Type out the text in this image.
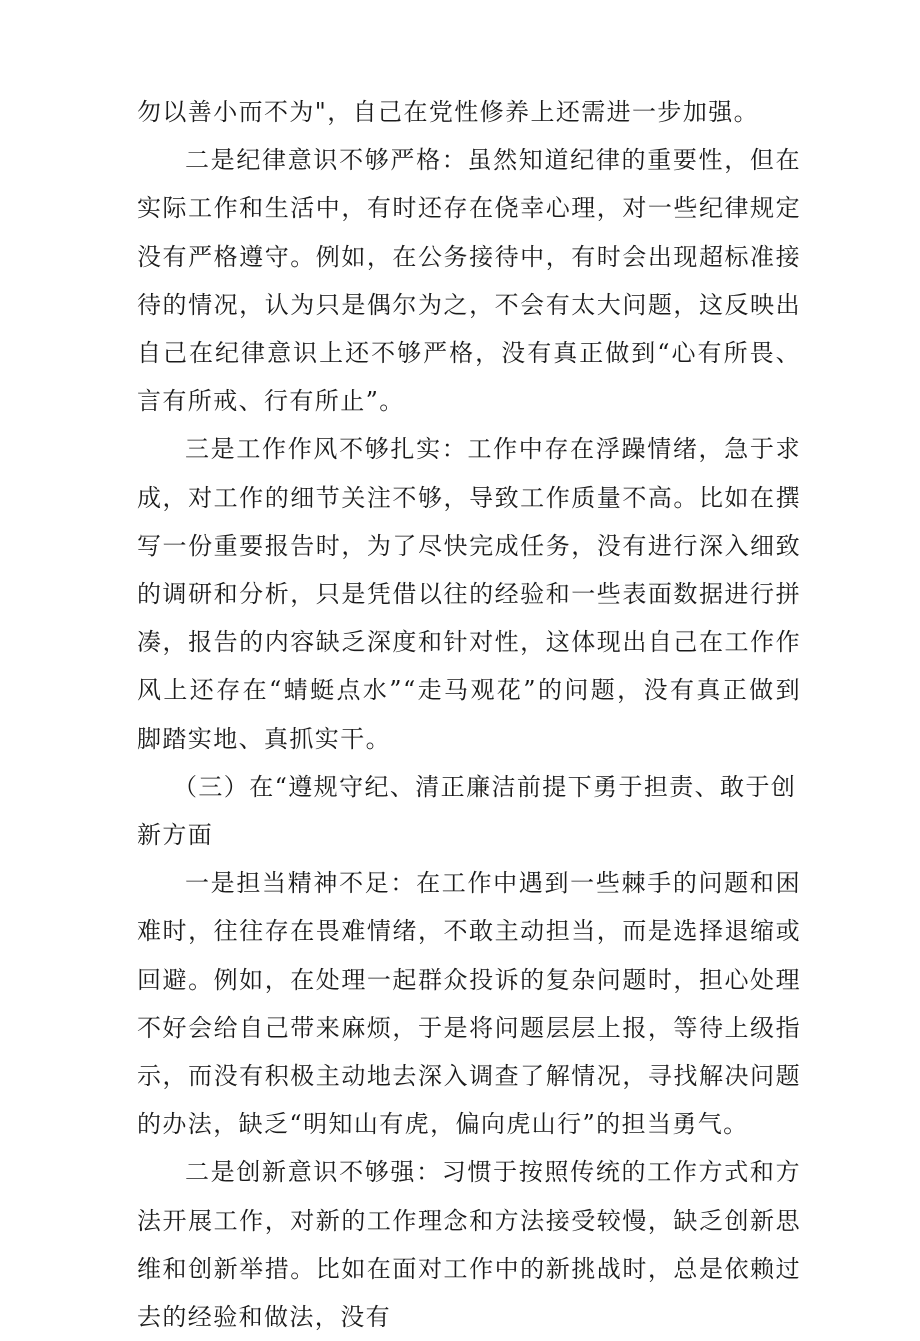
勿以善小而不为"，自己在党性修养上还需进一步加强。

二是纪律意识不够严格：虽然知道纪律的重要性，但在实际工作和生活中，有时还存在侥幸心理，对一些纪律规定没有严格遵守。例如，在公务接待中，有时会出现超标准接待的情况，认为只是偶尔为之，不会有太大问题，这反映出自己在纪律意识上还不够严格，没有真正做到“心有所畏、言有所戒、行有所止”。

三是工作作风不够扎实：工作中存在浮躁情绪，急于求成，对工作的细节关注不够，导致工作质量不高。比如在撰写一份重要报告时，为了尽快完成任务，没有进行深入细致的调研和分析，只是凭借以往的经验和一些表面数据进行拼凑，报告的内容缺乏深度和针对性，这体现出自己在工作作风上还存在“蜻蜓点水”“走马观花”的问题，没有真正做到脚踏实地、真抓实干。

（三）在“遵规守纪、清正廉洁前提下勇于担责、敢于创新方面

一是担当精神不足：在工作中遇到一些棘手的问题和困难时，往往存在畏难情绪，不敢主动担当，而是选择退缩或回避。例如，在处理一起群众投诉的复杂问题时，担心处理不好会给自己带来麻烦，于是将问题层层上报，等待上级指示，而没有积极主动地去深入调查了解情况，寻找解决问题的办法，缺乏“明知山有虎，偏向虎山行”的担当勇气。

二是创新意识不够强：习惯于按照传统的工作方式和方法开展工作，对新的工作理念和方法接受较慢，缺乏创新思维和创新举措。比如在面对工作中的新挑战时，总是依赖过去的经验和做法，没有
